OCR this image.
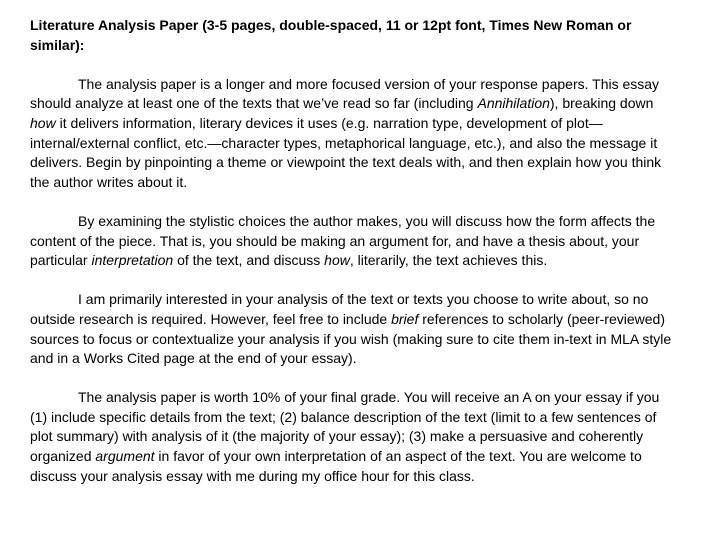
Literature Analysis Paper (3-5 pages, double-spaced, 11 or 12pt font, Times New Roman or similar):

The analysis paper is a longer and more focused version of your response papers. This essay should analyze at least one of the texts that we’ve read so far (including Annihilation), breaking down how it delivers information, literary devices it uses (e.g. narration type, development of plot—internal/external conflict, etc.—character types, metaphorical language, etc.), and also the message it delivers. Begin by pinpointing a theme or viewpoint the text deals with, and then explain how you think the author writes about it.

By examining the stylistic choices the author makes, you will discuss how the form affects the content of the piece. That is, you should be making an argument for, and have a thesis about, your particular interpretation of the text, and discuss how, literarily, the text achieves this.

I am primarily interested in your analysis of the text or texts you choose to write about, so no outside research is required. However, feel free to include brief references to scholarly (peer-reviewed) sources to focus or contextualize your analysis if you wish (making sure to cite them in-text in MLA style and in a Works Cited page at the end of your essay).

The analysis paper is worth 10% of your final grade. You will receive an A on your essay if you (1) include specific details from the text; (2) balance description of the text (limit to a few sentences of plot summary) with analysis of it (the majority of your essay); (3) make a persuasive and coherently organized argument in favor of your own interpretation of an aspect of the text. You are welcome to discuss your analysis essay with me during my office hour for this class.
